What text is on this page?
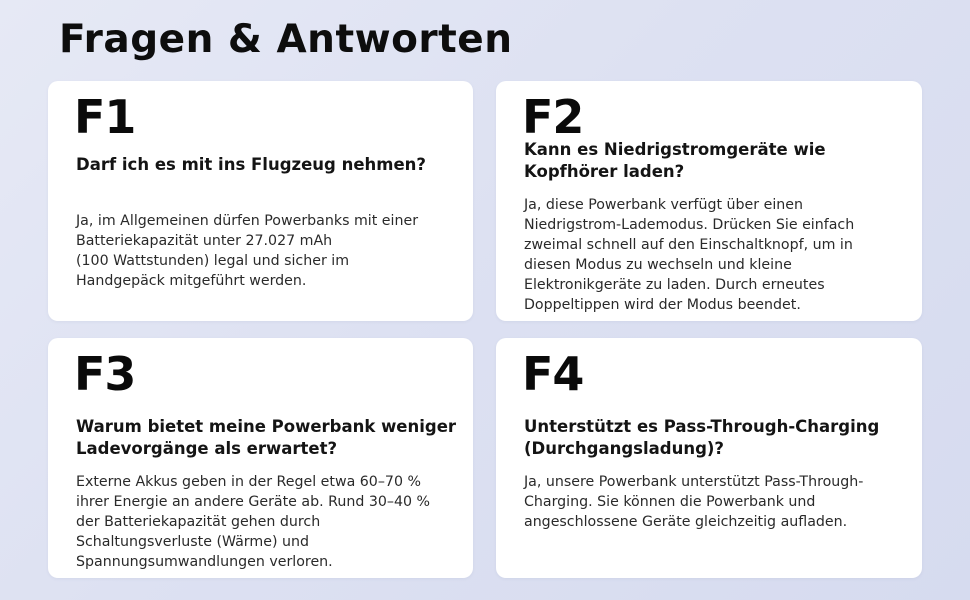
Fragen & Antworten
F1
Darf ich es mit ins Flugzeug nehmen?
Ja, im Allgemeinen dürfen Powerbanks mit einer
Batteriekapazität unter 27.027 mAh
(100 Wattstunden) legal und sicher im
Handgepäck mitgeführt werden.
F2
Kann es Niedrigstromgeräte wie
Kopfhörer laden?
Ja, diese Powerbank verfügt über einen
Niedrigstrom-Lademodus. Drücken Sie einfach
zweimal schnell auf den Einschaltknopf, um in
diesen Modus zu wechseln und kleine
Elektronikgeräte zu laden. Durch erneutes
Doppeltippen wird der Modus beendet.
F3
Warum bietet meine Powerbank weniger
Ladevorgänge als erwartet?
Externe Akkus geben in der Regel etwa 60–70 %
ihrer Energie an andere Geräte ab. Rund 30–40 %
der Batteriekapazität gehen durch
Schaltungsverluste (Wärme) und
Spannungsumwandlungen verloren.
F4
Unterstützt es Pass-Through-Charging
(Durchgangsladung)?
Ja, unsere Powerbank unterstützt Pass-Through-
Charging. Sie können die Powerbank und
angeschlossene Geräte gleichzeitig aufladen.
